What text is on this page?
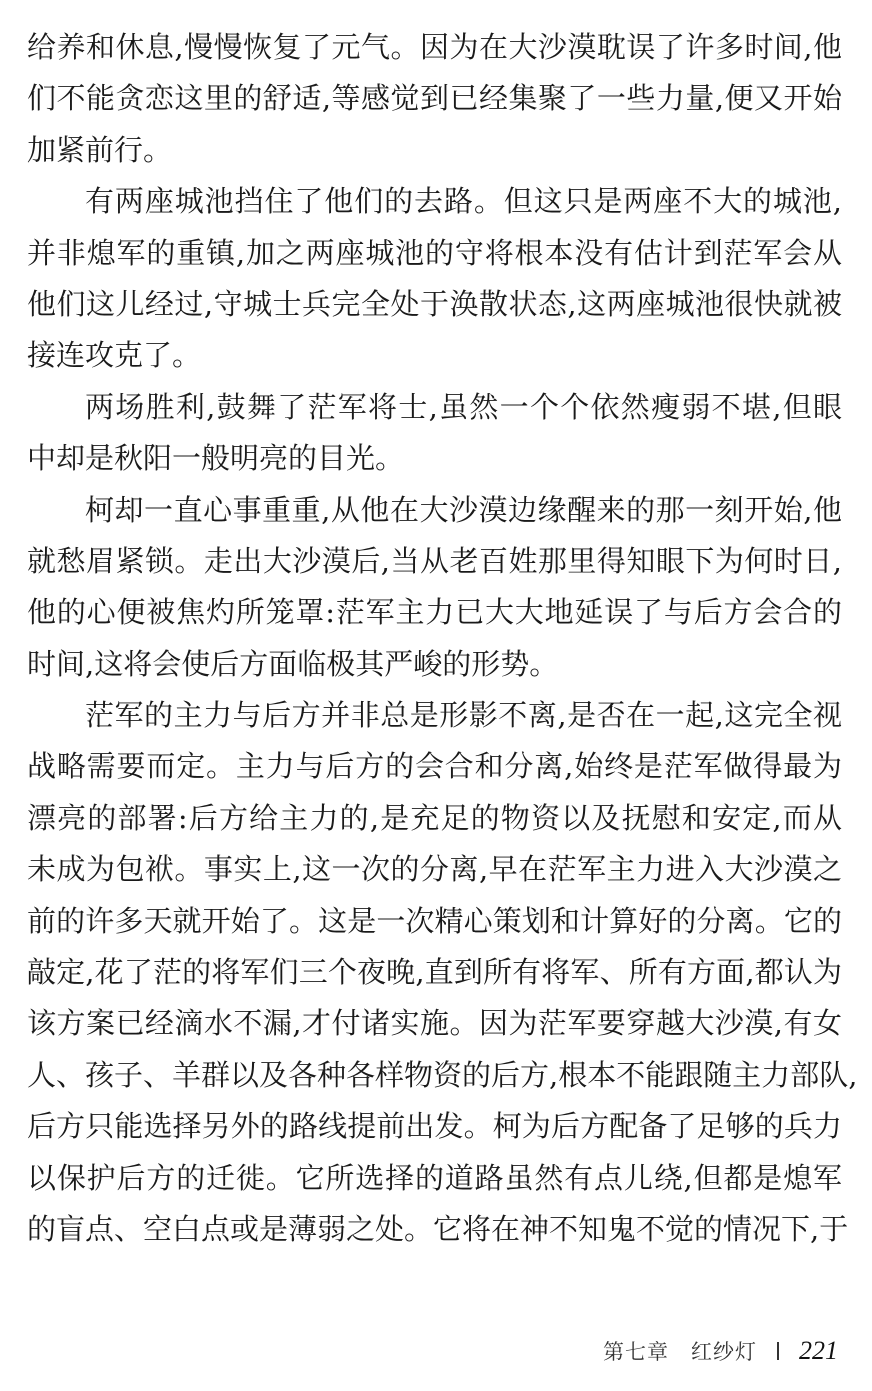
给养和休息,慢慢恢复了元气。因为在大沙漠耽误了许多时间,他
们不能贪恋这里的舒适,等感觉到已经集聚了一些力量,便又开始
加紧前行。
有两座城池挡住了他们的去路。但这只是两座不大的城池,
并非熄军的重镇,加之两座城池的守将根本没有估计到茫军会从
他们这儿经过,守城士兵完全处于涣散状态,这两座城池很快就被
接连攻克了。
两场胜利,鼓舞了茫军将士,虽然一个个依然瘦弱不堪,但眼
中却是秋阳一般明亮的目光。
柯却一直心事重重,从他在大沙漠边缘醒来的那一刻开始,他
就愁眉紧锁。走出大沙漠后,当从老百姓那里得知眼下为何时日,
他的心便被焦灼所笼罩:茫军主力已大大地延误了与后方会合的
时间,这将会使后方面临极其严峻的形势。
茫军的主力与后方并非总是形影不离,是否在一起,这完全视
战略需要而定。主力与后方的会合和分离,始终是茫军做得最为
漂亮的部署:后方给主力的,是充足的物资以及抚慰和安定,而从
未成为包袱。事实上,这一次的分离,早在茫军主力进入大沙漠之
前的许多天就开始了。这是一次精心策划和计算好的分离。它的
敲定,花了茫的将军们三个夜晚,直到所有将军、所有方面,都认为
该方案已经滴水不漏,才付诸实施。因为茫军要穿越大沙漠,有女
人、孩子、羊群以及各种各样物资的后方,根本不能跟随主力部队,
后方只能选择另外的路线提前出发。柯为后方配备了足够的兵力
以保护后方的迁徙。它所选择的道路虽然有点儿绕,但都是熄军
的盲点、空白点或是薄弱之处。它将在神不知鬼不觉的情况下,于
第七章 红纱灯 221
